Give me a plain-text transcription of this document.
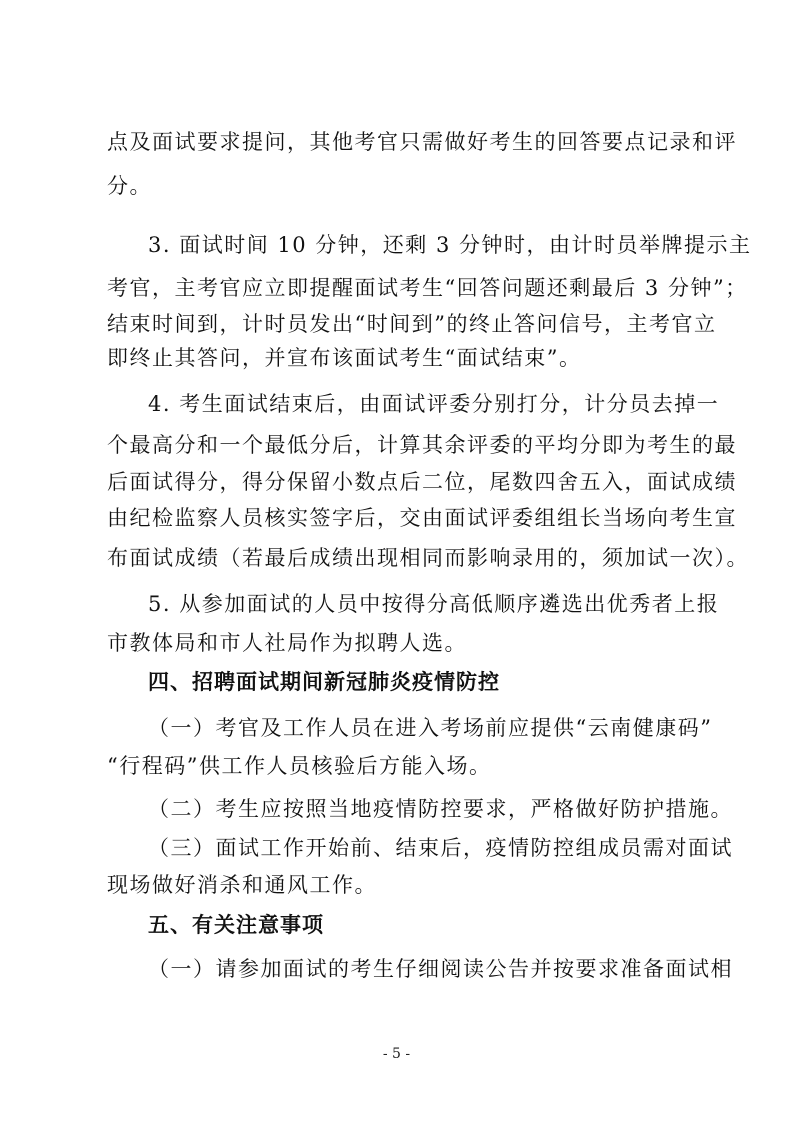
点及面试要求提问，其他考官只需做好考生的回答要点记录和评
分。
3. 面试时间 10 分钟，还剩 3 分钟时，由计时员举牌提示主
考官，主考官应立即提醒面试考生“回答问题还剩最后 3 分钟”；
结束时间到，计时员发出“时间到”的终止答问信号，主考官立
即终止其答问，并宣布该面试考生“面试结束”。
4. 考生面试结束后，由面试评委分别打分，计分员去掉一
个最高分和一个最低分后，计算其余评委的平均分即为考生的最
后面试得分，得分保留小数点后二位，尾数四舍五入，面试成绩
由纪检监察人员核实签字后，交由面试评委组组长当场向考生宣
布面试成绩（若最后成绩出现相同而影响录用的，须加试一次）。
5. 从参加面试的人员中按得分高低顺序遴选出优秀者上报
市教体局和市人社局作为拟聘人选。
四、招聘面试期间新冠肺炎疫情防控
（一）考官及工作人员在进入考场前应提供“云南健康码”
“行程码”供工作人员核验后方能入场。
（二）考生应按照当地疫情防控要求，严格做好防护措施。
（三）面试工作开始前、结束后，疫情防控组成员需对面试
现场做好消杀和通风工作。
五、有关注意事项
（一）请参加面试的考生仔细阅读公告并按要求准备面试相
- 5 -
